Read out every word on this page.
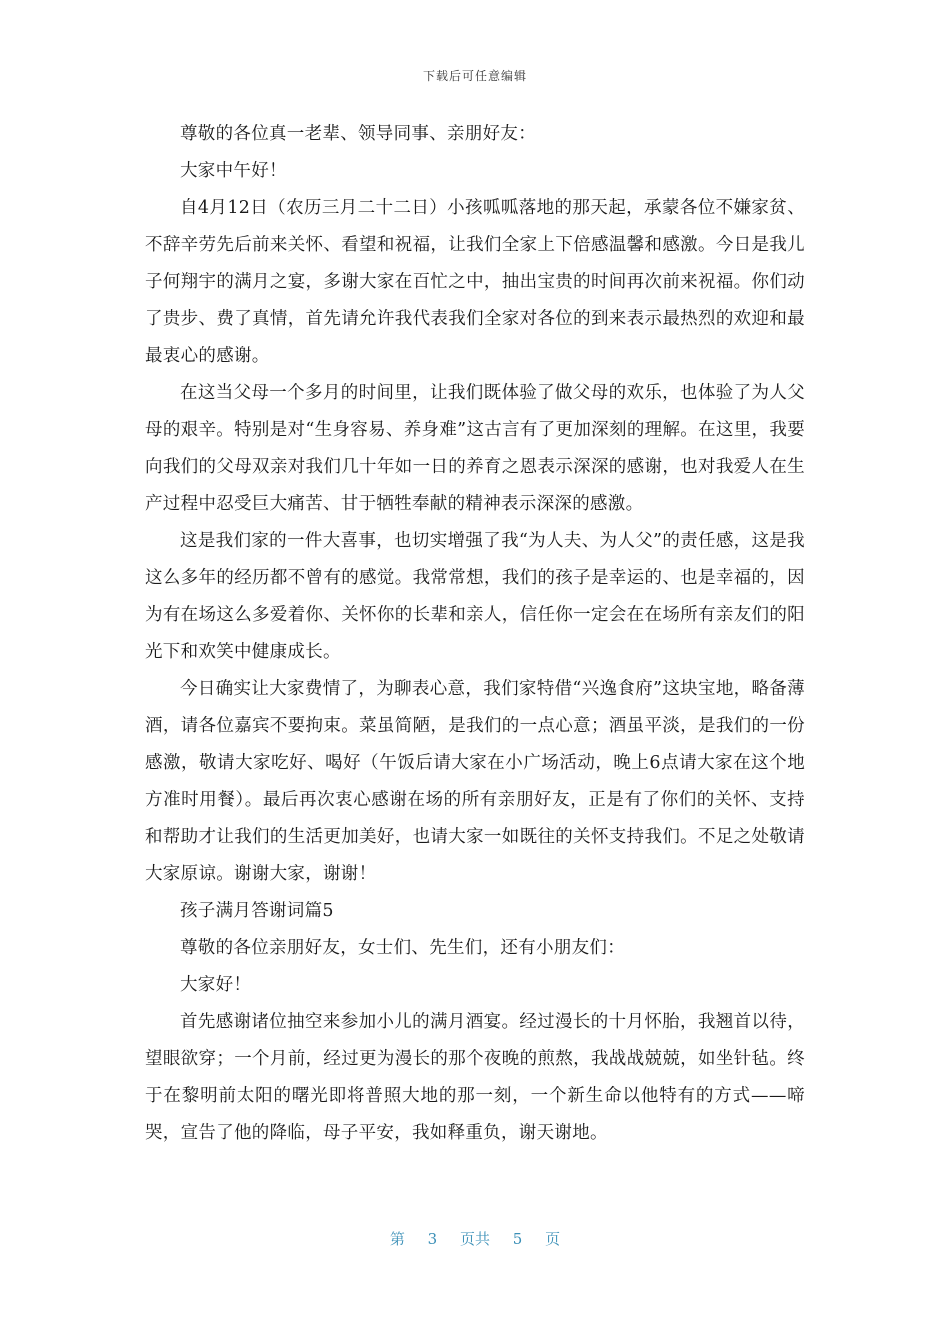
下载后可任意编辑

尊敬的各位真一老辈、领导同事、亲朋好友：

大家中午好！

自4月12日（农历三月二十二日）小孩呱呱落地的那天起，承蒙各位不嫌家贫、不辞辛劳先后前来关怀、看望和祝福，让我们全家上下倍感温馨和感激。今日是我儿子何翔宇的满月之宴，多谢大家在百忙之中，抽出宝贵的时间再次前来祝福。你们动了贵步、费了真情，首先请允许我代表我们全家对各位的到来表示最热烈的欢迎和最最衷心的感谢。

在这当父母一个多月的时间里，让我们既体验了做父母的欢乐，也体验了为人父母的艰辛。特别是对“生身容易、养身难”这古言有了更加深刻的理解。在这里，我要向我们的父母双亲对我们几十年如一日的养育之恩表示深深的感谢，也对我爱人在生产过程中忍受巨大痛苦、甘于牺牲奉献的精神表示深深的感激。

这是我们家的一件大喜事，也切实增强了我“为人夫、为人父”的责任感，这是我这么多年的经历都不曾有的感觉。我常常想，我们的孩子是幸运的、也是幸福的，因为有在场这么多爱着你、关怀你的长辈和亲人，信任你一定会在在场所有亲友们的阳光下和欢笑中健康成长。

今日确实让大家费情了，为聊表心意，我们家特借“兴逸食府”这块宝地，略备薄酒，请各位嘉宾不要拘束。菜虽简陋，是我们的一点心意；酒虽平淡，是我们的一份感激，敬请大家吃好、喝好（午饭后请大家在小广场活动，晚上6点请大家在这个地方准时用餐）。最后再次衷心感谢在场的所有亲朋好友，正是有了你们的关怀、支持和帮助才让我们的生活更加美好，也请大家一如既往的关怀支持我们。不足之处敬请大家原谅。谢谢大家，谢谢！

孩子满月答谢词篇5

尊敬的各位亲朋好友，女士们、先生们，还有小朋友们：

大家好！

首先感谢诸位抽空来参加小儿的满月酒宴。经过漫长的十月怀胎，我翘首以待，望眼欲穿；一个月前，经过更为漫长的那个夜晚的煎熬，我战战兢兢，如坐针毡。终于在黎明前太阳的曙光即将普照大地的那一刻，一个新生命以他特有的方式——啼哭，宣告了他的降临，母子平安，我如释重负，谢天谢地。

第 3 页共 5 页
